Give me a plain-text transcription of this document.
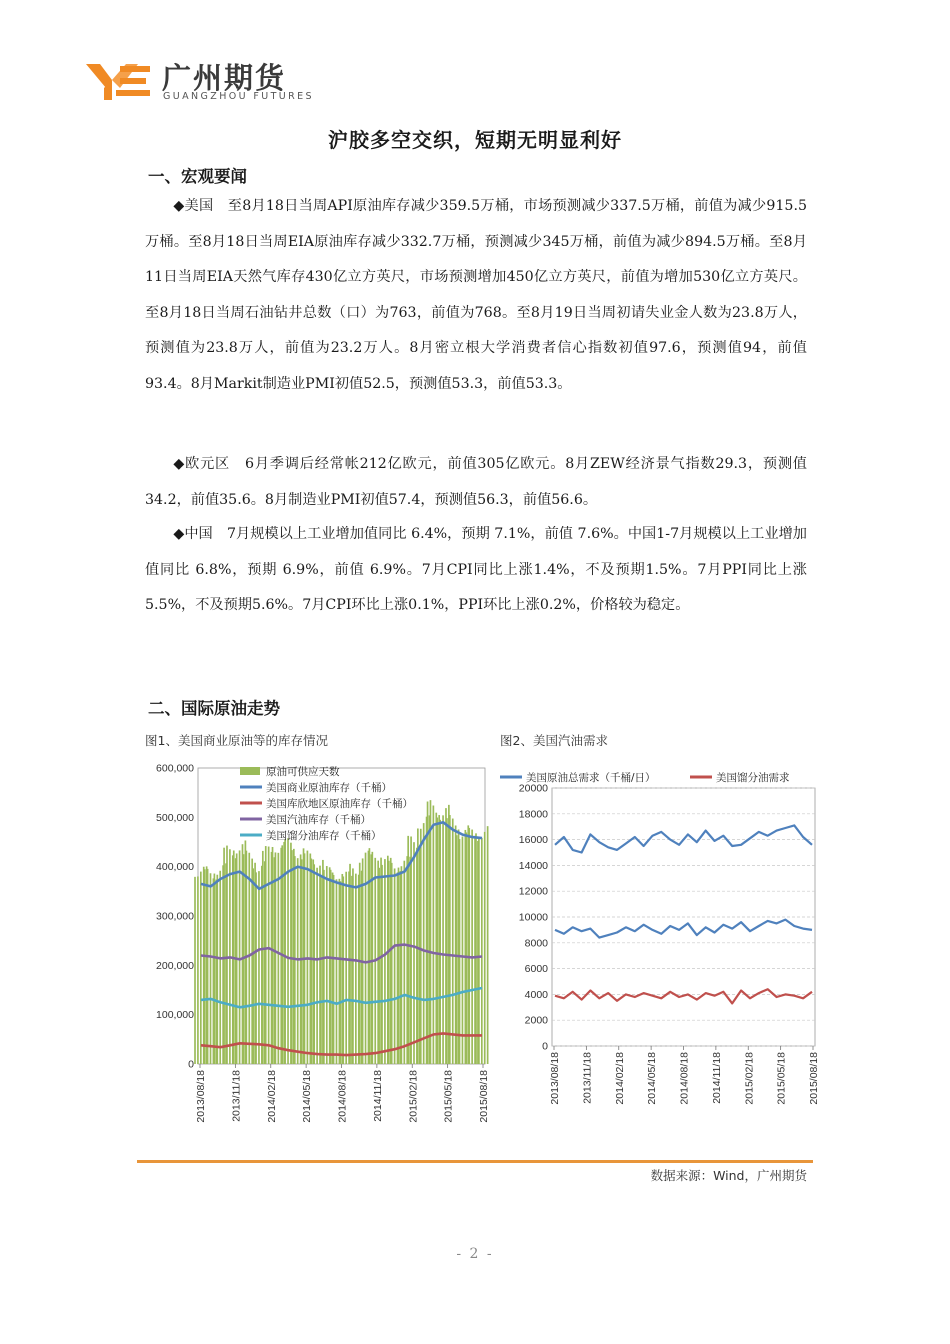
广州期货
GUANGZHOU FUTURES
沪胶多空交织，短期无明显利好
一、宏观要闻

◆美国　至8月18日当周API原油库存减少359.5万桶，市场预测减少337.5万桶，前值为减少915.5万桶。至8月18日当周EIA原油库存减少332.7万桶，预测减少345万桶，前值为减少894.5万桶。至8月11日当周EIA天然气库存430亿立方英尺，市场预测增加450亿立方英尺，前值为增加530亿立方英尺。至8月18日当周石油钻井总数（口）为763，前值为768。至8月19日当周初请失业金人数为23.8万人，预测值为23.8万人，前值为23.2万人。8月密立根大学消费者信心指数初值97.6，预测值94，前值93.4。8月Markit制造业PMI初值52.5，预测值53.3，前值53.3。

◆欧元区　6月季调后经常帐212亿欧元，前值305亿欧元。8月ZEW经济景气指数29.3，预测值34.2，前值35.6。8月制造业PMI初值57.4，预测值56.3，前值56.6。

◆中国　7月规模以上工业增加值同比 6.4%，预期 7.1%，前值 7.6%。中国1-7月规模以上工业增加值同比 6.8%，预期 6.9%，前值 6.9%。7月CPI同比上涨1.4%，不及预期1.5%。7月PPI同比上涨5.5%，不及预期5.6%。7月CPI环比上涨0.1%，PPI环比上涨0.2%，价格较为稳定。

二、国际原油走势
图1、美国商业原油等的库存情况	图2、美国汽油需求
0
100,000
200,000
300,000
400,000
500,000
600,000
2013/08/18 2013/11/18 2014/02/18 2014/05/18 2014/08/18 2014/11/18 2015/02/18 2015/05/18 2015/08/18
原油可供应天数
美国商业原油库存（千桶）
美国库欣地区原油库存（千桶）
美国汽油库存（千桶）
美国馏分油库存（千桶）
0
2000
4000
6000
8000
10000
12000
14000
16000
18000
20000
2013/08/18 2013/11/18 2014/02/18 2014/05/18 2014/08/18 2014/11/18 2015/02/18 2015/05/18 2015/08/18
美国原油总需求（千桶/日）	美国馏分油需求
数据来源：Wind，广州期货
- 2 -
